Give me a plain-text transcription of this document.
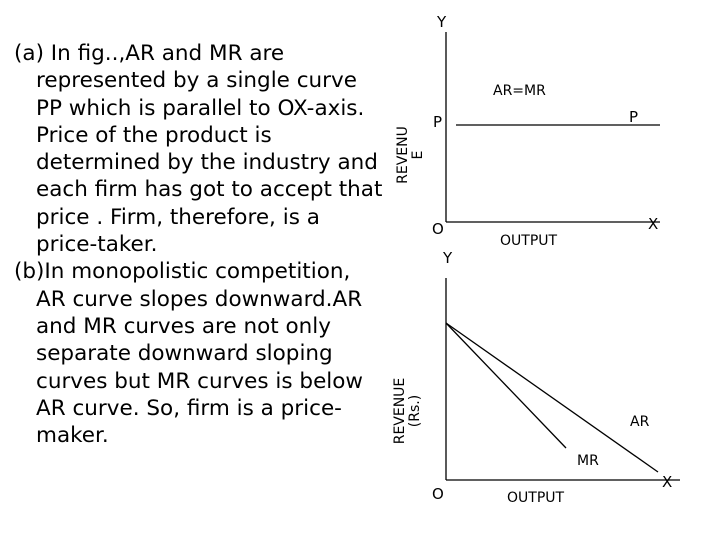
(a) In fig..,AR and MR are represented by a single curve PP which is parallel to OX-axis. Price of the product is determined by the industry and each firm has got to accept that price . Firm, therefore, is a price-taker.

(b)In monopolistic competition, AR curve slopes downward.AR and MR curves are not only separate downward sloping curves but MR curves is below AR curve. So, firm is a price-maker.

Y
AR=MR
P	P
O
OUTPUT
X
REVENU E
Y
REVENUE (Rs.)	AR
MR
O	OUTPUT
X
